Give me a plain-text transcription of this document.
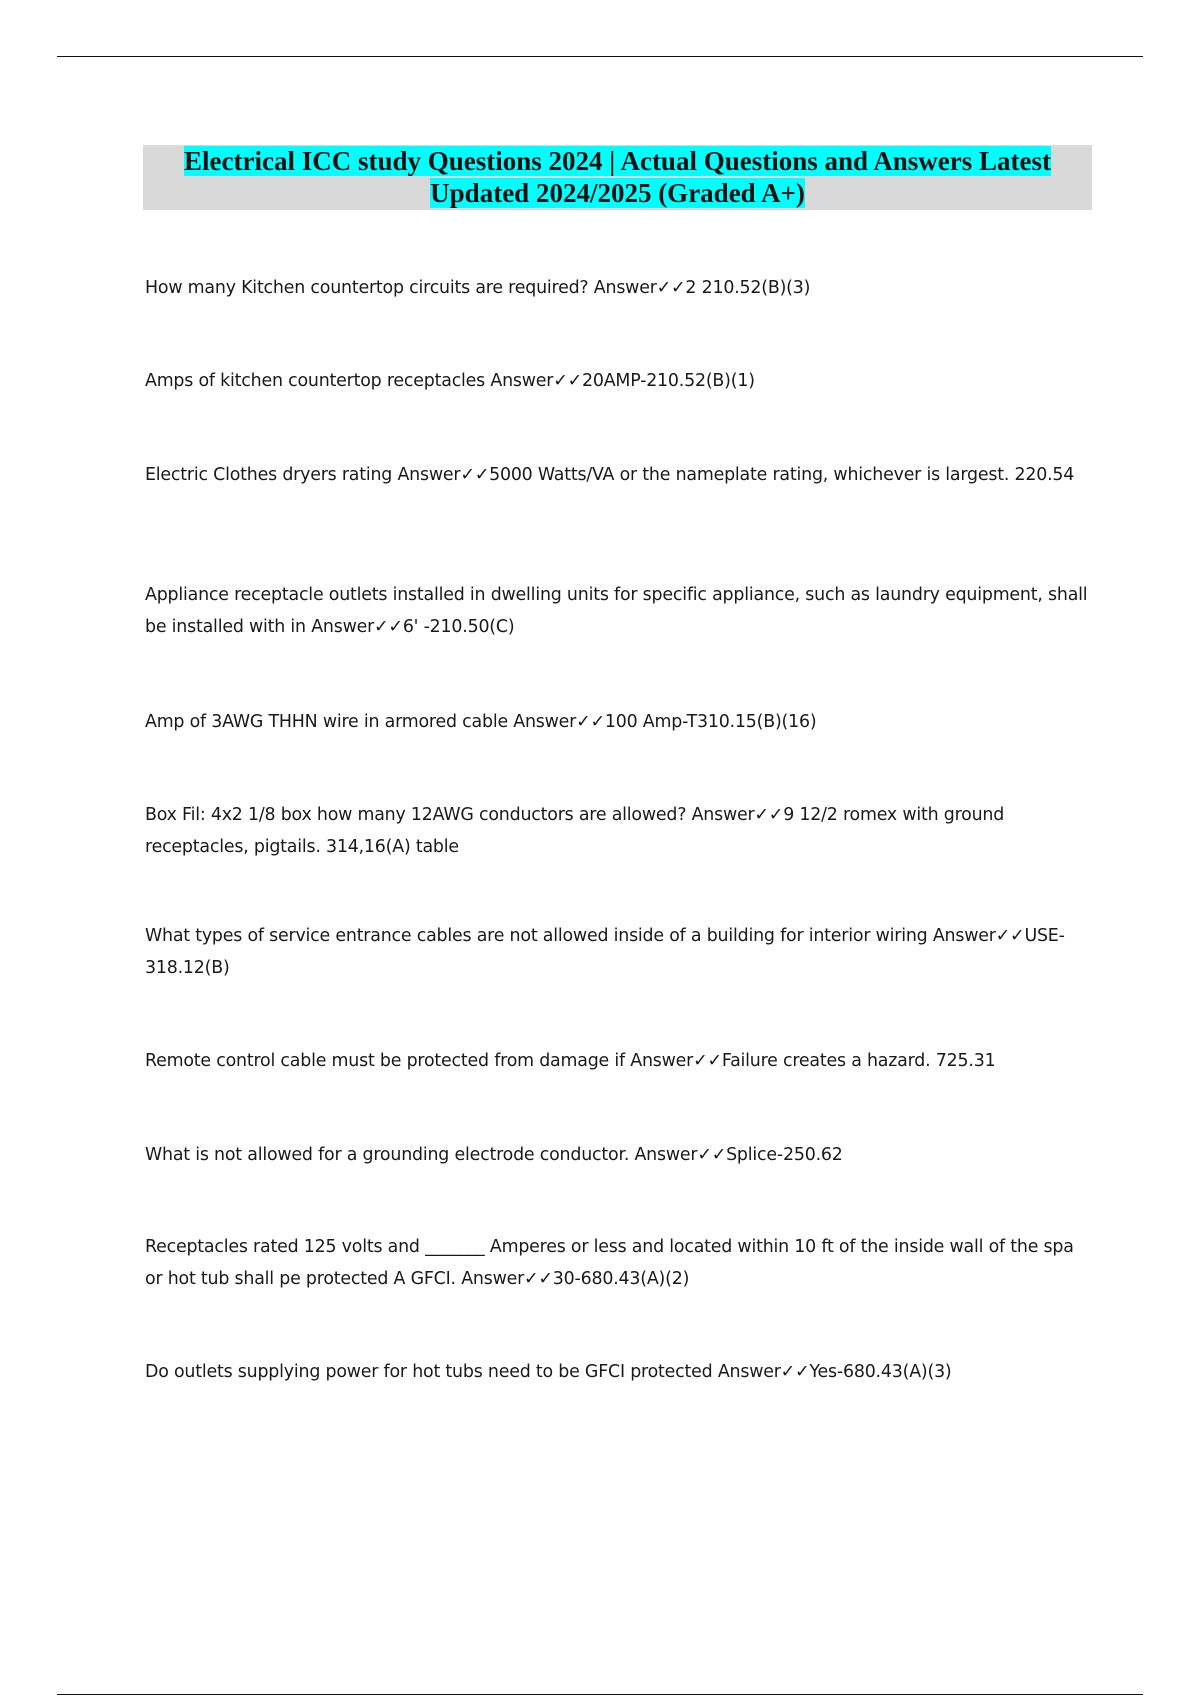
Electrical ICC study Questions 2024 | Actual Questions and Answers Latest Updated 2024/2025 (Graded A+)

How many Kitchen countertop circuits are required? Answer✓✓2 210.52(B)(3)

Amps of kitchen countertop receptacles Answer✓✓20AMP-210.52(B)(1)

Electric Clothes dryers rating Answer✓✓5000 Watts/VA or the nameplate rating, whichever is largest. 220.54

Appliance receptacle outlets installed in dwelling units for specific appliance, such as laundry equipment, shall be installed with in Answer✓✓6' -210.50(C)

Amp of 3AWG THHN wire in armored cable Answer✓✓100 Amp-T310.15(B)(16)

Box Fil: 4x2 1/8 box how many 12AWG conductors are allowed? Answer✓✓9 12/2 romex with ground receptacles, pigtails. 314,16(A) table

What types of service entrance cables are not allowed inside of a building for interior wiring Answer✓✓USE-318.12(B)

Remote control cable must be protected from damage if Answer✓✓Failure creates a hazard. 725.31

What is not allowed for a grounding electrode conductor. Answer✓✓Splice-250.62

Receptacles rated 125 volts and _______ Amperes or less and located within 10 ft of the inside wall of the spa or hot tub shall pe protected A GFCI. Answer✓✓30-680.43(A)(2)

Do outlets supplying power for hot tubs need to be GFCI protected Answer✓✓Yes-680.43(A)(3)
